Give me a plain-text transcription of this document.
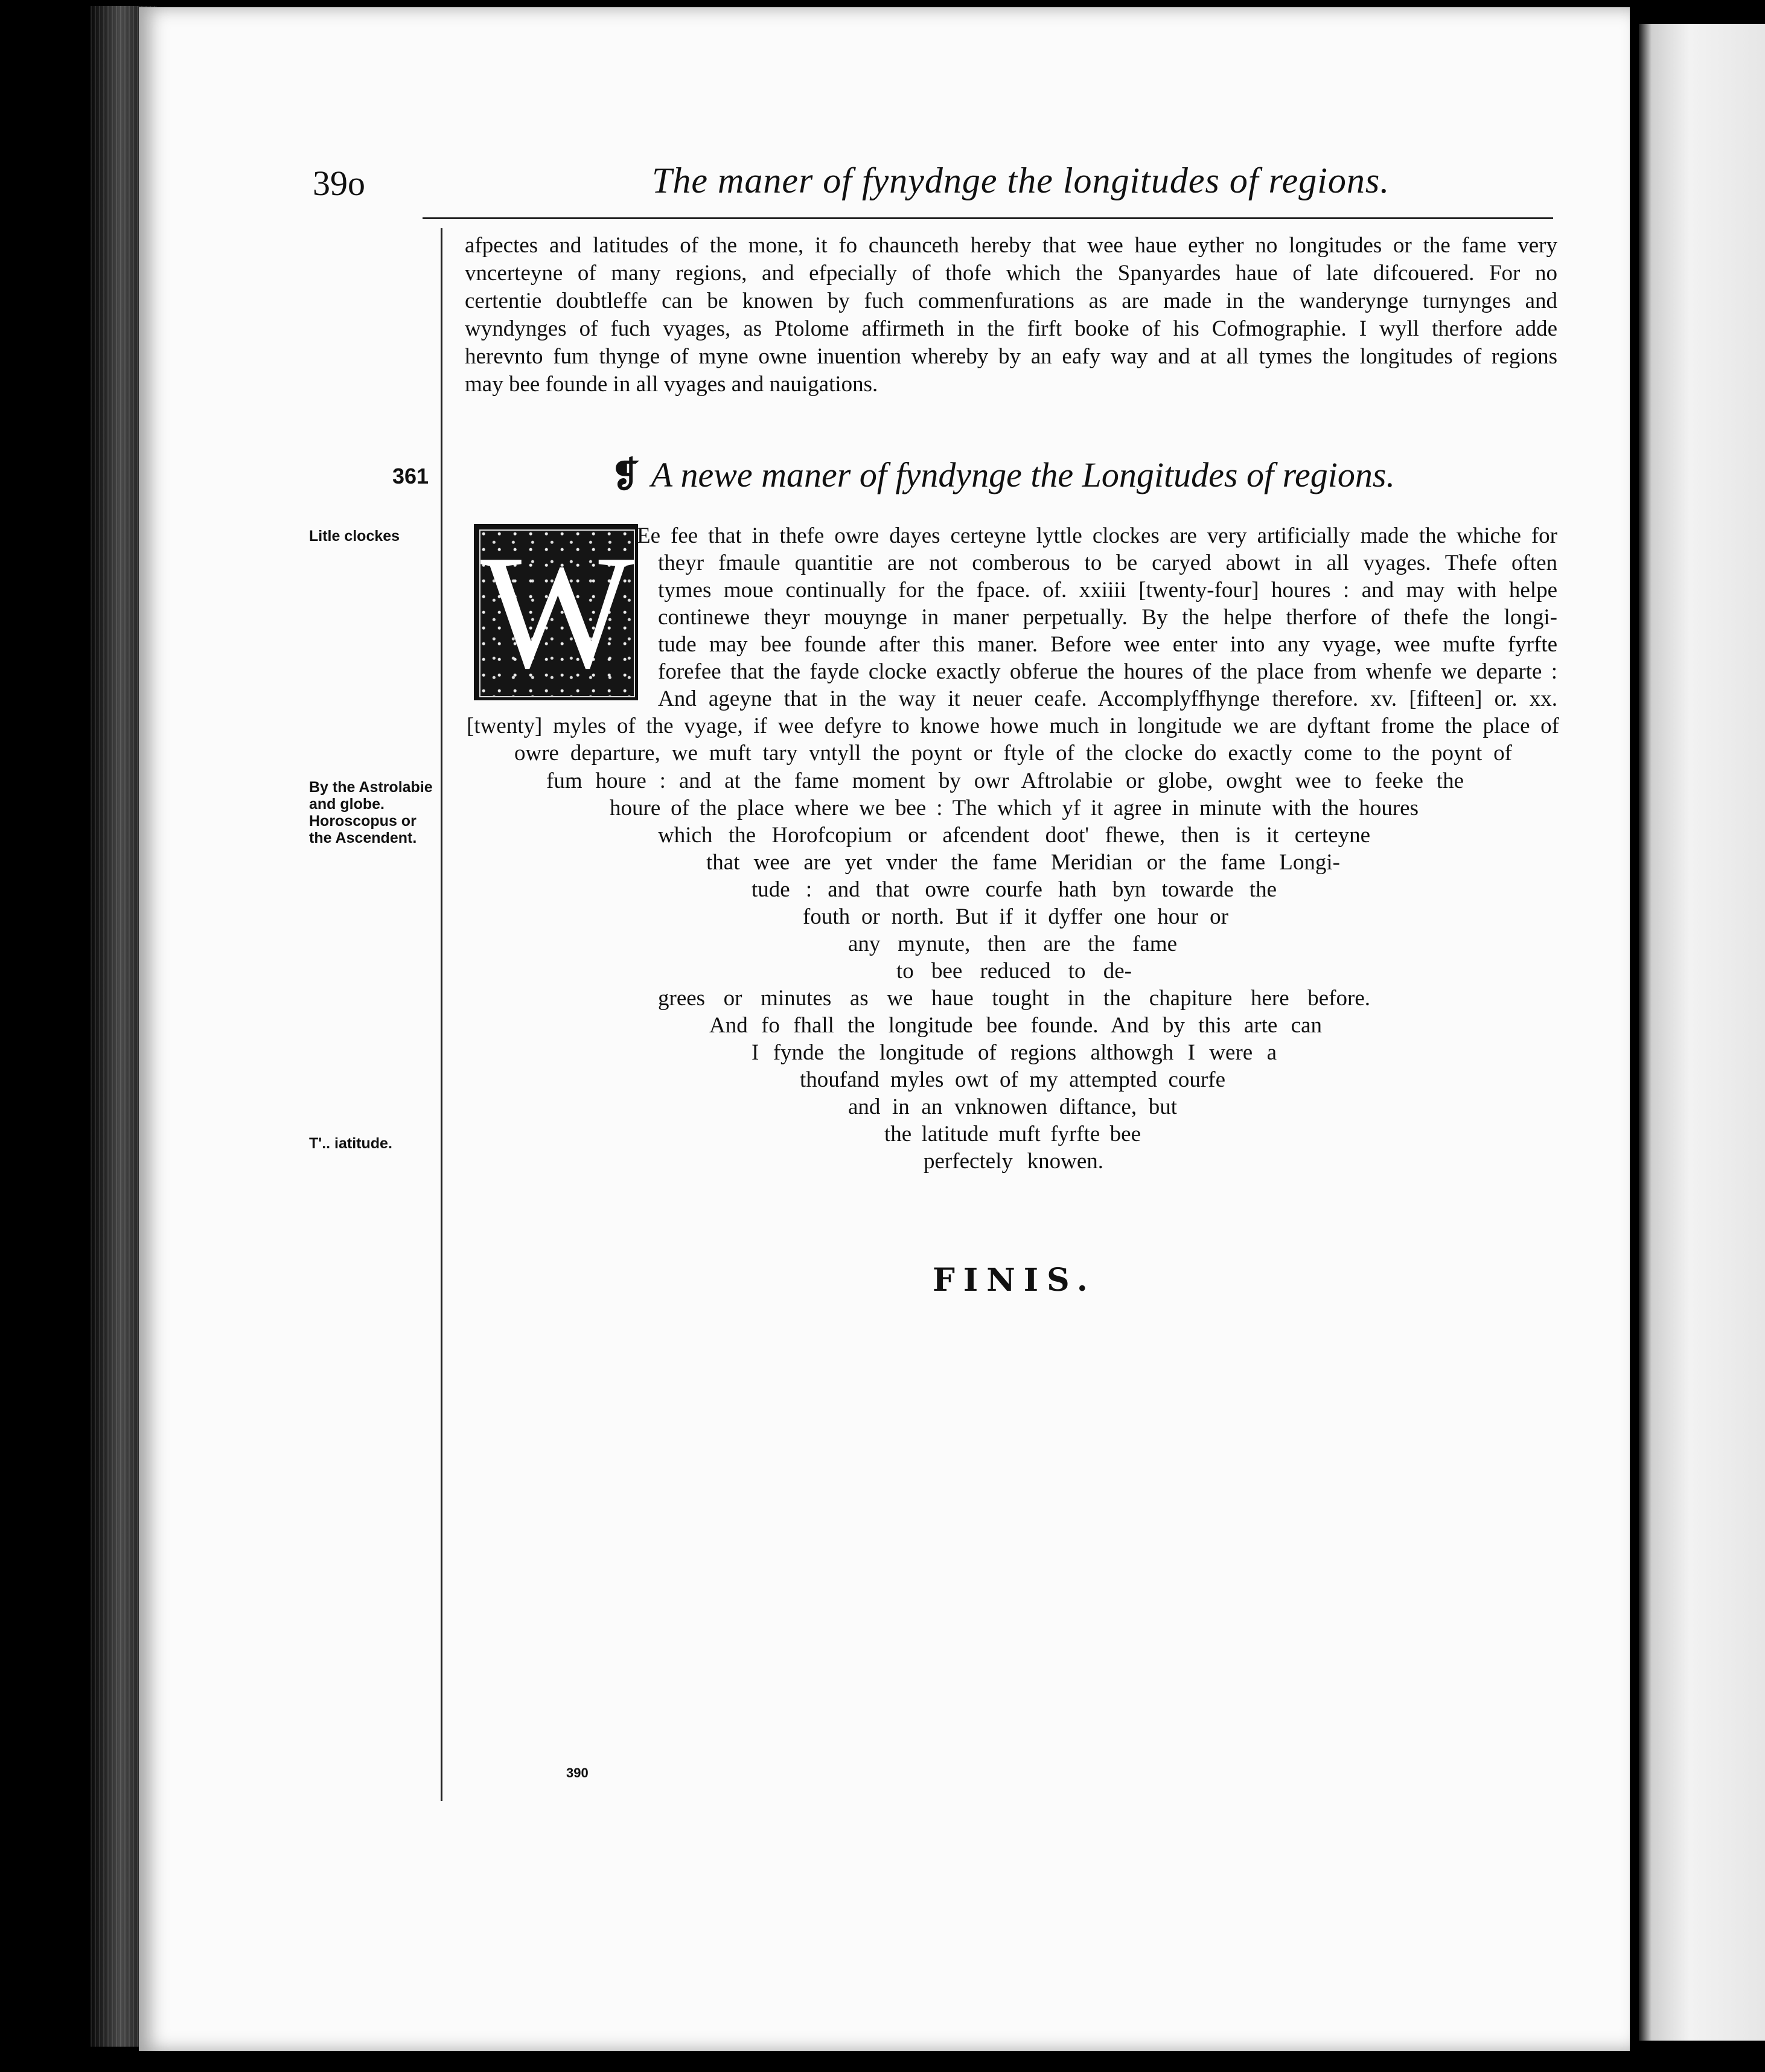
39o	The maner of fynydnge the longitudes of regions.

afpectes and latitudes of the mone, it fo chaunceth hereby that wee haue eyther no longitudes or the fame very

vncerteyne of many regions, and efpecially of thofe which the Spanyardes haue of late difcouered. For no

certentie doubtleffe can be knowen by fuch commenfurations as are made in the wanderynge turnynges and

wyndynges of fuch vyages, as Ptolome affirmeth in the firft booke of his Cofmographie. I wyll therfore adde

herevnto fum thynge of myne owne inuention whereby by an eafy way and at all tymes the longitudes of regions

may bee founde in all vyages and nauigations.

361	❡ A newe maner of fyndynge the Longitudes of regions.
Litle clockes
By the Astrolabie
and globe.
Horoscopus or
the Ascendent.
T'.. iatitude.
W Ee fee that in thefe owre dayes certeyne lyttle clockes are very artificially made the whiche for
theyr fmaule quantitie are not comberous to be caryed abowt in all vyages. Thefe often
tymes moue continually for the fpace. of. xxiiii [twenty-four] houres : and may with helpe
continewe theyr mouynge in maner perpetually. By the helpe therfore of thefe the longi-
tude may bee founde after this maner. Before wee enter into any vyage, wee mufte fyrfte
forefee that the fayde clocke exactly obferue the houres of the place from whenfe we departe :
And ageyne that in the way it neuer ceafe. Accomplyffhynge therefore. xv. [fifteen] or. xx.
[twenty] myles of the vyage, if wee defyre to knowe howe much in longitude we are dyftant frome the place of
owre departure, we muft tary vntyll the poynt or ftyle of the clocke do exactly come to the poynt of
fum houre : and at the fame moment by owr Aftrolabie or globe, owght wee to feeke the
houre of the place where we bee : The which yf it agree in minute with the houres
which the Horofcopium or afcendent doot' fhewe, then is it certeyne
that wee are yet vnder the fame Meridian or the fame Longi-
tude : and that owre courfe hath byn towarde the
fouth or north. But if it dyffer one hour or
any mynute, then are the fame
to bee reduced to de-
grees or minutes as we haue tought in the chapiture here before.
And fo fhall the longitude bee founde. And by this arte can
I fynde the longitude of regions althowgh I were a
thoufand myles owt of my attempted courfe
and in an vnknowen diftance, but
the latitude muft fyrfte bee
perfectely knowen.
FINIS.
390
